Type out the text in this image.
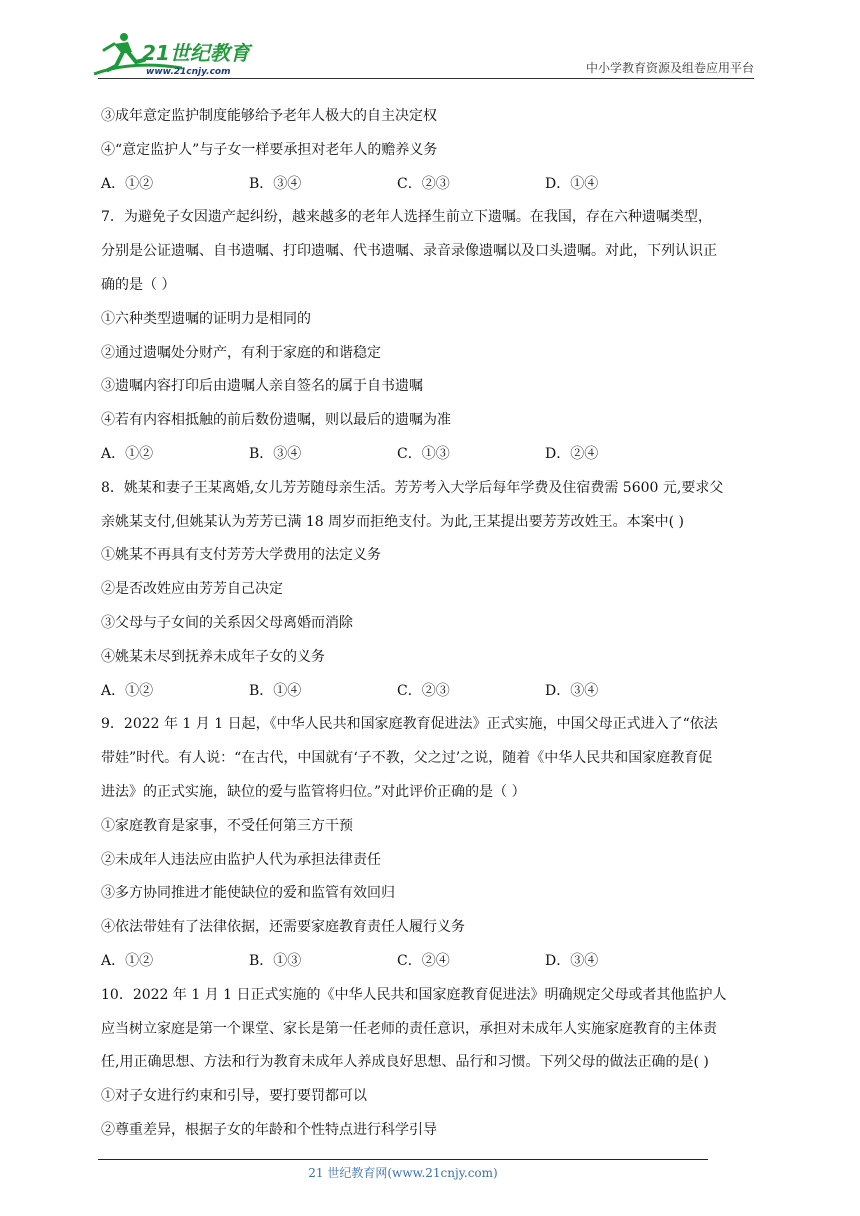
21世纪教育
www.21cnjy.com	中小学教育资源及组卷应用平台
③成年意定监护制度能够给予老年人极大的自主决定权
④“意定监护人”与子女一样要承担对老年人的赡养义务
A．①②	B．③④	C．②③	D．①④
7．为避免子女因遗产起纠纷，越来越多的老年人选择生前立下遗嘱。在我国，存在六种遗嘱类型，
分别是公证遗嘱、自书遗嘱、打印遗嘱、代书遗嘱、录音录像遗嘱以及口头遗嘱。对此，下列认识正
确的是（ ）
①六种类型遗嘱的证明力是相同的
②通过遗嘱处分财产，有利于家庭的和谐稳定
③遗嘱内容打印后由遗嘱人亲自签名的属于自书遗嘱
④若有内容相抵触的前后数份遗嘱，则以最后的遗嘱为准
A．①②	B．③④	C．①③	D．②④
8．姚某和妻子王某离婚,女儿芳芳随母亲生活。芳芳考入大学后每年学费及住宿费需 5600 元,要求父
亲姚某支付,但姚某认为芳芳已满 18 周岁而拒绝支付。为此,王某提出要芳芳改姓王。本案中( )
①姚某不再具有支付芳芳大学费用的法定义务
②是否改姓应由芳芳自己决定
③父母与子女间的关系因父母离婚而消除
④姚某未尽到抚养未成年子女的义务
A．①②	B．①④	C．②③	D．③④
9．2022 年 1 月 1 日起，《中华人民共和国家庭教育促进法》正式实施，中国父母正式进入了“依法
带娃”时代。有人说：“在古代，中国就有‘子不教，父之过’之说，随着《中华人民共和国家庭教育促
进法》的正式实施，缺位的爱与监管将归位。”对此评价正确的是（ ）
①家庭教育是家事，不受任何第三方干预
②未成年人违法应由监护人代为承担法律责任
③多方协同推进才能使缺位的爱和监管有效回归
④依法带娃有了法律依据，还需要家庭教育责任人履行义务
A．①②	B．①③	C．②④	D．③④
10．2022 年 1 月 1 日正式实施的《中华人民共和国家庭教育促进法》明确规定父母或者其他监护人
应当树立家庭是第一个课堂、家长是第一任老师的责任意识，承担对未成年人实施家庭教育的主体责
任,用正确思想、方法和行为教育未成年人养成良好思想、品行和习惯。下列父母的做法正确的是( )
①对子女进行约束和引导，要打要罚都可以
②尊重差异，根据子女的年龄和个性特点进行科学引导
21 世纪教育网(www.21cnjy.com)
